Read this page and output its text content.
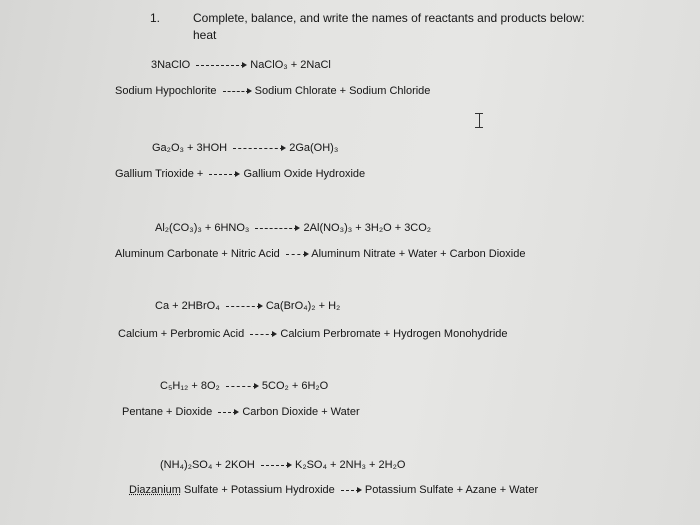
1.	Complete, balance, and write the names of reactants and products below:
heat
3NaClO	NaClO₃ + 2NaCl
Sodium Hypochlorite	Sodium Chlorate + Sodium Chloride
Ga₂O₃ + 3HOH	2Ga(OH)₃
Gallium Trioxide +	Gallium Oxide Hydroxide
Al₂(CO₃)₃ + 6HNO₃	2Al(NO₃)₃ + 3H₂O + 3CO₂
Aluminum Carbonate + Nitric Acid	Aluminum Nitrate + Water + Carbon Dioxide
Ca + 2HBrO₄	Ca(BrO₄)₂ + H₂
Calcium + Perbromic Acid	Calcium Perbromate + Hydrogen Monohydride
C₅H₁₂ + 8O₂	5CO₂ + 6H₂O
Pentane + Dioxide	Carbon Dioxide + Water
(NH₄)₂SO₄ + 2KOH	K₂SO₄ + 2NH₃ + 2H₂O
Diazanium Sulfate + Potassium Hydroxide	Potassium Sulfate + Azane + Water
